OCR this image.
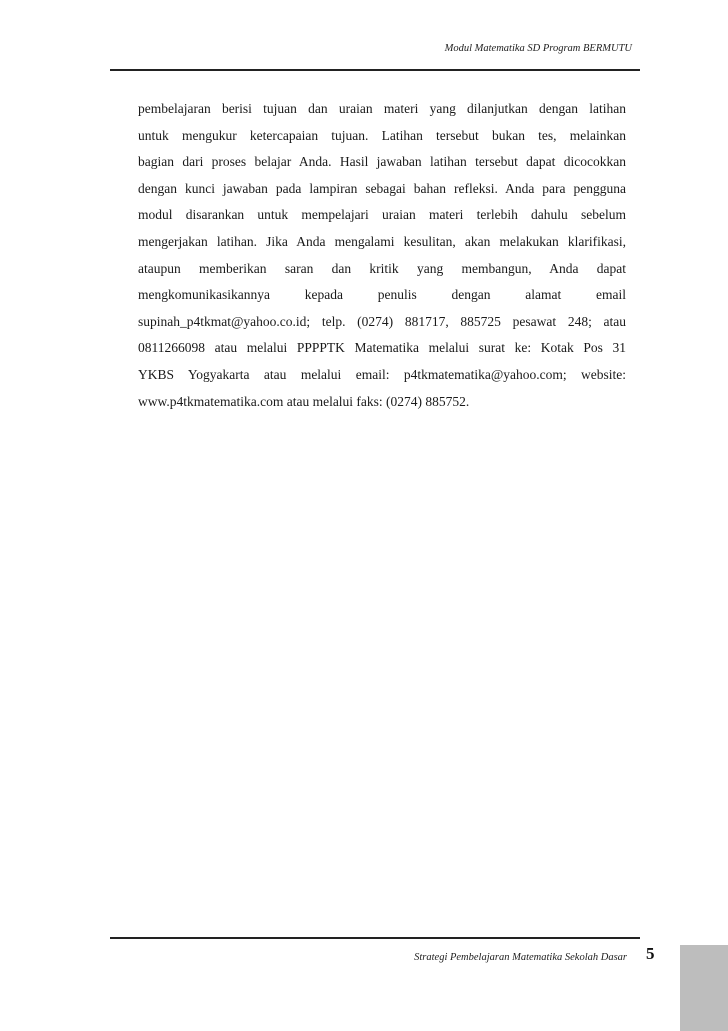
Modul Matematika SD Program BERMUTU
pembelajaran berisi tujuan dan uraian materi yang dilanjutkan dengan latihan
untuk mengukur ketercapaian tujuan. Latihan tersebut bukan tes, melainkan
bagian dari proses belajar Anda. Hasil jawaban latihan tersebut dapat dicocokkan
dengan kunci jawaban pada lampiran sebagai bahan refleksi. Anda para pengguna
modul disarankan untuk mempelajari uraian materi terlebih dahulu sebelum
mengerjakan latihan. Jika Anda mengalami kesulitan, akan melakukan klarifikasi,
ataupun memberikan saran dan kritik yang membangun, Anda dapat
mengkomunikasikannya kepada penulis dengan alamat email
supinah_p4tkmat@yahoo.co.id; telp. (0274) 881717, 885725 pesawat 248; atau
0811266098 atau melalui PPPPTK Matematika melalui surat ke: Kotak Pos 31
YKBS Yogyakarta atau melalui email: p4tkmatematika@yahoo.com; website:
www.p4tkmatematika.com atau melalui faks: (0274) 885752.
Strategi Pembelajaran Matematika Sekolah Dasar 5
